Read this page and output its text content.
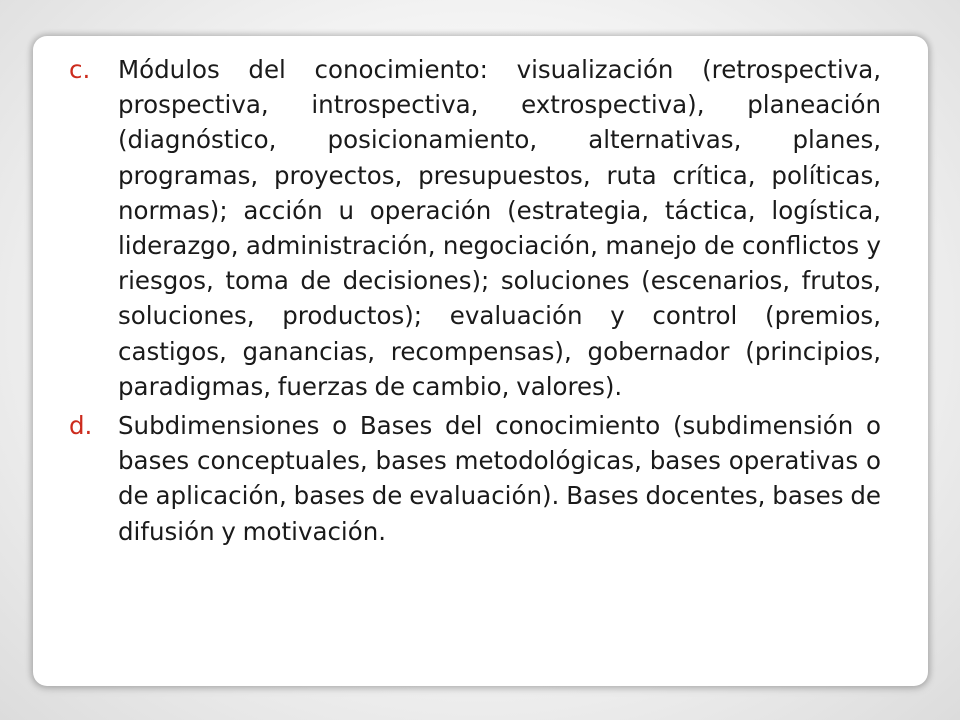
c. Módulos del conocimiento: visualización (retrospectiva, prospectiva, introspectiva, extrospectiva), planeación (diagnóstico, posicionamiento, alternativas, planes, programas, proyectos, presupuestos, ruta crítica, políticas, normas); acción u operación (estrategia, táctica, logística, liderazgo, administración, negociación, manejo de conflictos y riesgos, toma de decisiones); soluciones (escenarios, frutos, soluciones, productos); evaluación y control (premios, castigos, ganancias, recompensas), gobernador (principios, paradigmas, fuerzas de cambio, valores).
d. Subdimensiones o Bases del conocimiento (subdimensión o bases conceptuales, bases metodológicas, bases operativas o de aplicación, bases de evaluación). Bases docentes, bases de difusión y motivación.
